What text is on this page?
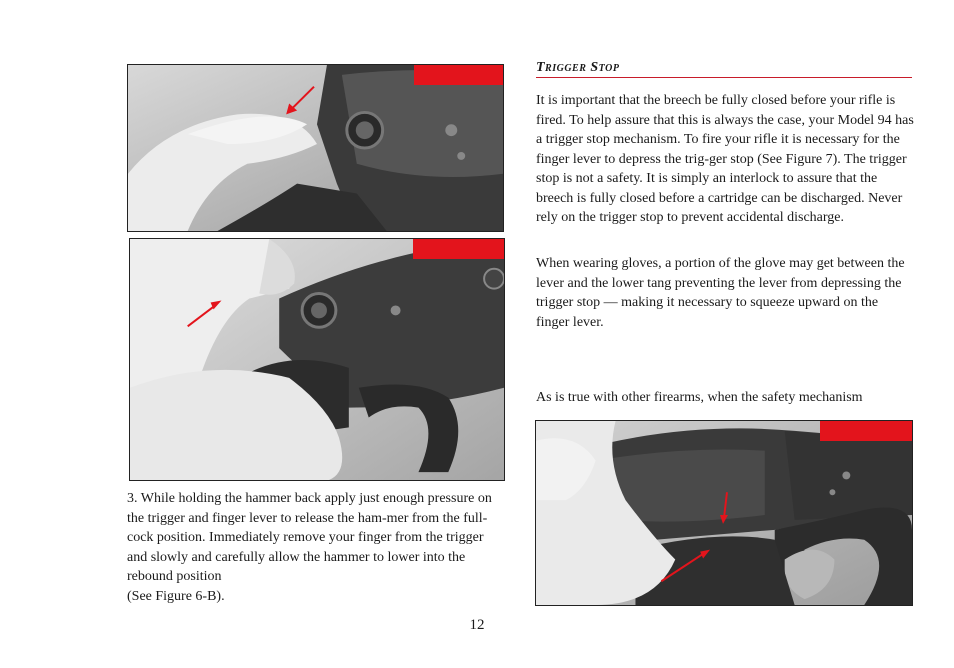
3. While holding the hammer back apply just enough pressure on the trigger and finger lever to release the ham-mer from the full-cock position. Immediately remove your finger from the trigger and slowly and carefully allow the hammer to lower into the rebound position

(See Figure 6-B).

Trigger Stop

It is important that the breech be fully closed before your rifle is fired. To help assure that this is always the case, your Model 94 has a trigger stop mechanism. To fire your rifle it is necessary for the finger lever to depress the trig-ger stop (See Figure 7). The trigger stop is not a safety. It is simply an interlock to assure that the breech is fully closed before a cartridge can be discharged. Never rely on the trigger stop to prevent accidental discharge.

When wearing gloves, a portion of the glove may get between the lever and the lower tang preventing the lever from depressing the trigger stop — making it necessary to squeeze upward on the finger lever.

As is true with other firearms, when the safety mechanism

12
